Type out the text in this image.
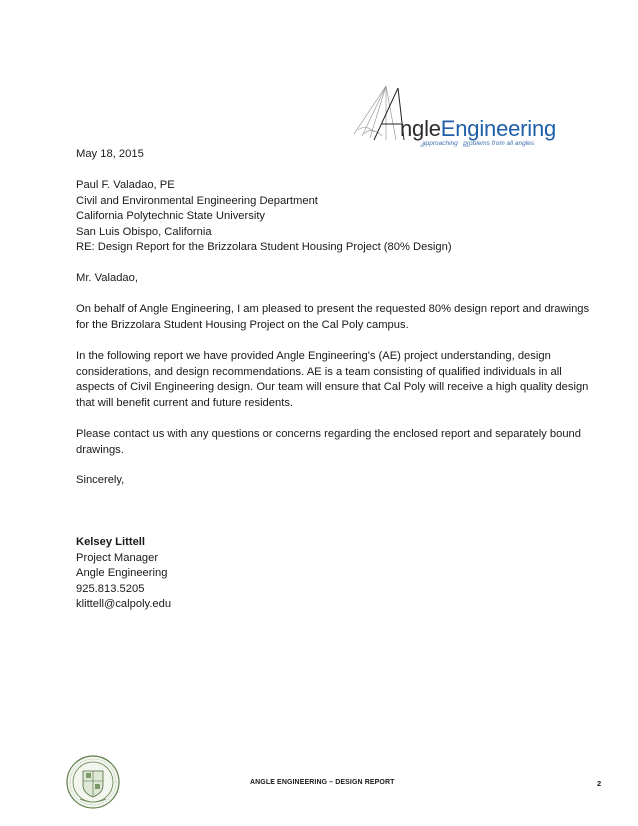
ngleEngineering
approaching problems from all angles
May 18, 2015
Paul F. Valadao, PE
Civil and Environmental Engineering Department
California Polytechnic State University
San Luis Obispo, California
RE: Design Report for the Brizzolara Student Housing Project (80% Design)
Mr. Valadao,
On behalf of Angle Engineering, I am pleased to present the requested 80% design report and drawings
for the Brizzolara Student Housing Project on the Cal Poly campus.
In the following report we have provided Angle Engineering's (AE) project understanding, design
considerations, and design recommendations. AE is a team consisting of qualified individuals in all
aspects of Civil Engineering design. Our team will ensure that Cal Poly will receive a high quality design
that will benefit current and future residents.
Please contact us with any questions or concerns regarding the enclosed report and separately bound
drawings.
Sincerely,
Kelsey Littell
Project Manager
Angle Engineering
925.813.5205
klittell@calpoly.edu
ANGLE ENGINEERING – DESIGN REPORT	2
